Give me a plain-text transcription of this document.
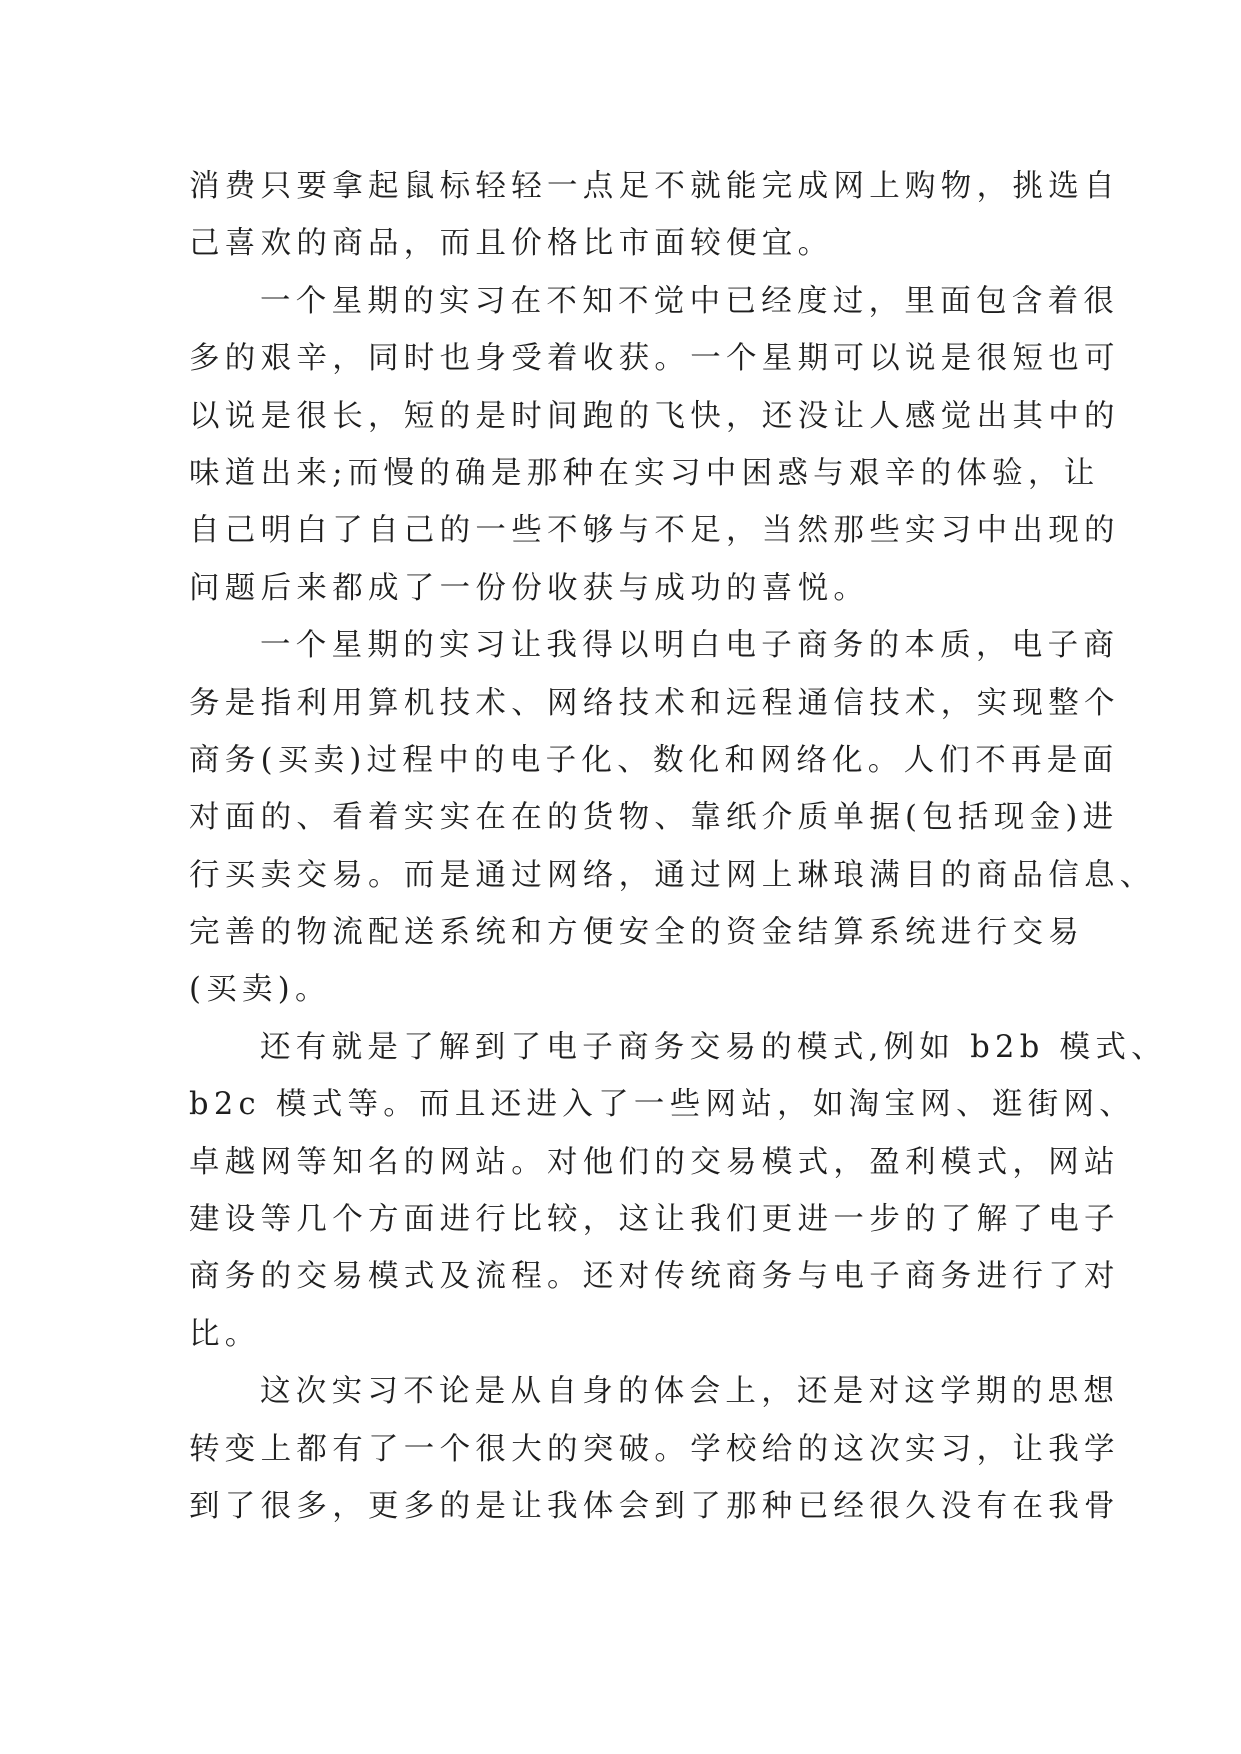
消费只要拿起鼠标轻轻一点足不就能完成网上购物，挑选自
己喜欢的商品，而且价格比市面较便宜。
一个星期的实习在不知不觉中已经度过，里面包含着很
多的艰辛，同时也身受着收获。一个星期可以说是很短也可
以说是很长，短的是时间跑的飞快，还没让人感觉出其中的
味道出来;而慢的确是那种在实习中困惑与艰辛的体验，让
自己明白了自己的一些不够与不足，当然那些实习中出现的
问题后来都成了一份份收获与成功的喜悦。
一个星期的实习让我得以明白电子商务的本质，电子商
务是指利用算机技术、网络技术和远程通信技术，实现整个
商务(买卖)过程中的电子化、数化和网络化。人们不再是面
对面的、看着实实在在的货物、靠纸介质单据(包括现金)进
行买卖交易。而是通过网络，通过网上琳琅满目的商品信息、
完善的物流配送系统和方便安全的资金结算系统进行交易
(买卖)。
还有就是了解到了电子商务交易的模式,例如 b2b 模式、
b2c 模式等。而且还进入了一些网站，如淘宝网、逛街网、
卓越网等知名的网站。对他们的交易模式，盈利模式，网站
建设等几个方面进行比较，这让我们更进一步的了解了电子
商务的交易模式及流程。还对传统商务与电子商务进行了对
比。
这次实习不论是从自身的体会上，还是对这学期的思想
转变上都有了一个很大的突破。学校给的这次实习，让我学
到了很多，更多的是让我体会到了那种已经很久没有在我骨
